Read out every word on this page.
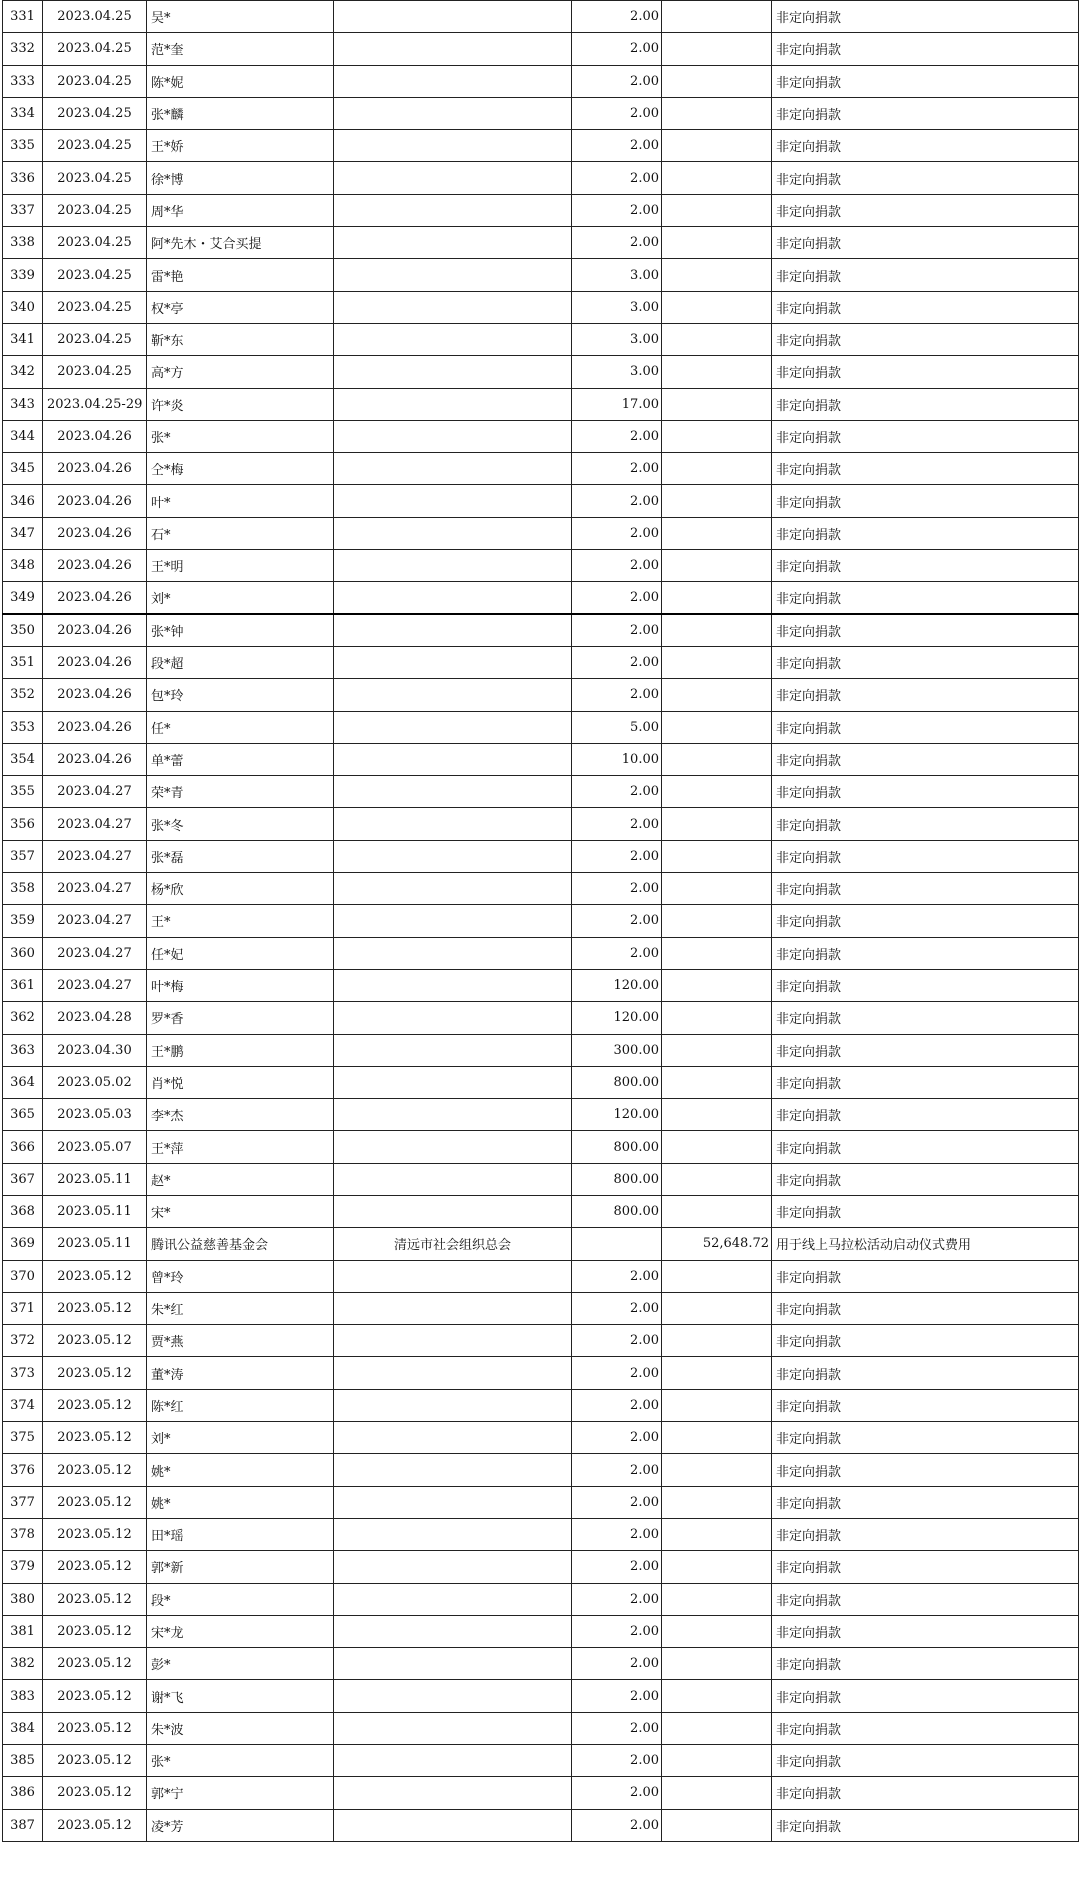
331	2023.04.25	吴*		2.00		非定向捐款
332	2023.04.25	范*奎		2.00		非定向捐款
333	2023.04.25	陈*妮		2.00		非定向捐款
334	2023.04.25	张*麟		2.00		非定向捐款
335	2023.04.25	王*娇		2.00		非定向捐款
336	2023.04.25	徐*博		2.00		非定向捐款
337	2023.04.25	周*华		2.00		非定向捐款
338	2023.04.25	阿*先木・艾合买提		2.00		非定向捐款
339	2023.04.25	雷*艳		3.00		非定向捐款
340	2023.04.25	权*亭		3.00		非定向捐款
341	2023.04.25	靳*东		3.00		非定向捐款
342	2023.04.25	高*方		3.00		非定向捐款
343	2023.04.25-29	许*炎		17.00		非定向捐款
344	2023.04.26	张*		2.00		非定向捐款
345	2023.04.26	仝*梅		2.00		非定向捐款
346	2023.04.26	叶*		2.00		非定向捐款
347	2023.04.26	石*		2.00		非定向捐款
348	2023.04.26	王*明		2.00		非定向捐款
349	2023.04.26	刘*		2.00		非定向捐款
350	2023.04.26	张*钟		2.00		非定向捐款
351	2023.04.26	段*超		2.00		非定向捐款
352	2023.04.26	包*玲		2.00		非定向捐款
353	2023.04.26	任*		5.00		非定向捐款
354	2023.04.26	单*蕾		10.00		非定向捐款
355	2023.04.27	荣*青		2.00		非定向捐款
356	2023.04.27	张*冬		2.00		非定向捐款
357	2023.04.27	张*磊		2.00		非定向捐款
358	2023.04.27	杨*欣		2.00		非定向捐款
359	2023.04.27	王*		2.00		非定向捐款
360	2023.04.27	任*妃		2.00		非定向捐款
361	2023.04.27	叶*梅		120.00		非定向捐款
362	2023.04.28	罗*香		120.00		非定向捐款
363	2023.04.30	王*鹏		300.00		非定向捐款
364	2023.05.02	肖*悦		800.00		非定向捐款
365	2023.05.03	李*杰		120.00		非定向捐款
366	2023.05.07	王*萍		800.00		非定向捐款
367	2023.05.11	赵*		800.00		非定向捐款
368	2023.05.11	宋*		800.00		非定向捐款
369	2023.05.11	腾讯公益慈善基金会	清远市社会组织总会		52,648.72	用于线上马拉松活动启动仪式费用
370	2023.05.12	曾*玲		2.00		非定向捐款
371	2023.05.12	朱*红		2.00		非定向捐款
372	2023.05.12	贾*燕		2.00		非定向捐款
373	2023.05.12	董*涛		2.00		非定向捐款
374	2023.05.12	陈*红		2.00		非定向捐款
375	2023.05.12	刘*		2.00		非定向捐款
376	2023.05.12	姚*		2.00		非定向捐款
377	2023.05.12	姚*		2.00		非定向捐款
378	2023.05.12	田*瑶		2.00		非定向捐款
379	2023.05.12	郭*新		2.00		非定向捐款
380	2023.05.12	段*		2.00		非定向捐款
381	2023.05.12	宋*龙		2.00		非定向捐款
382	2023.05.12	彭*		2.00		非定向捐款
383	2023.05.12	谢*飞		2.00		非定向捐款
384	2023.05.12	朱*波		2.00		非定向捐款
385	2023.05.12	张*		2.00		非定向捐款
386	2023.05.12	郭*宁		2.00		非定向捐款
387	2023.05.12	凌*芳		2.00		非定向捐款
